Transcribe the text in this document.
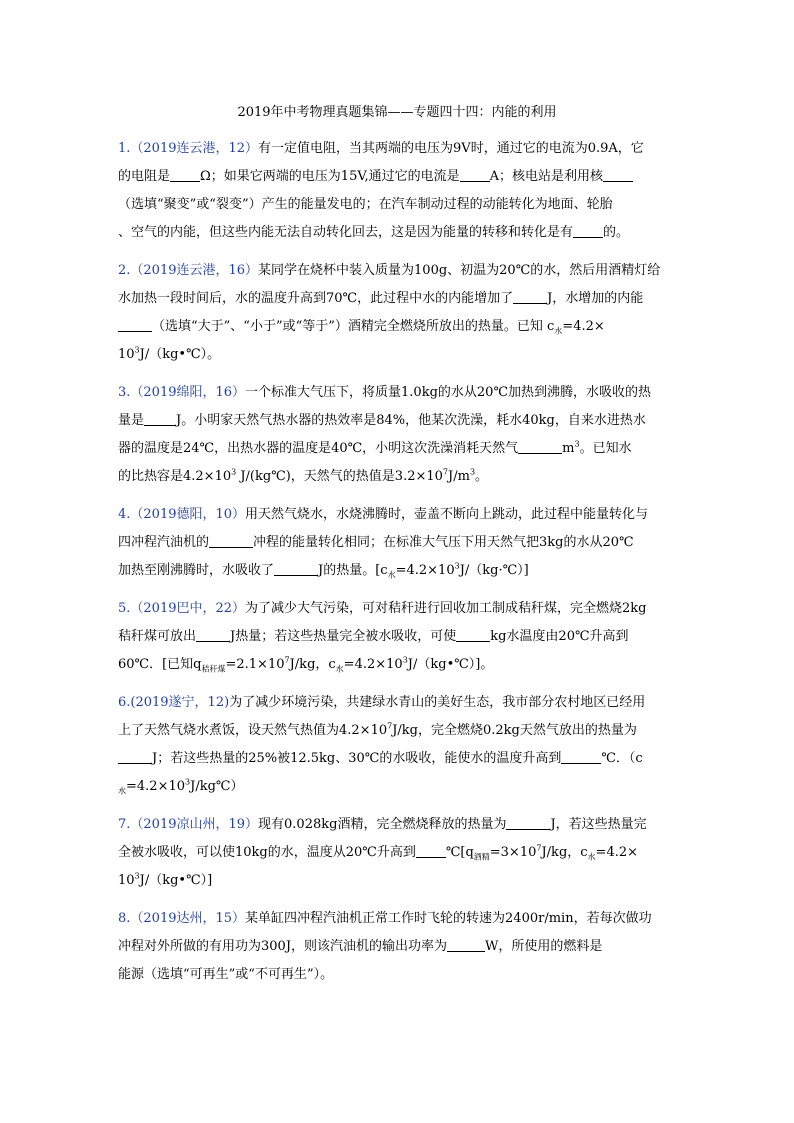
2019年中考物理真题集锦——专题四十四：内能的利用
1.（2019连云港，12）有一定值电阻，当其两端的电压为9V时，通过它的电流为0.9A，它
的电阻是 Ω；如果它两端的电压为15V,通过它的电流是 A；核电站是利用核
（选填“聚变”或“裂变”）产生的能量发电的；在汽车制动过程的动能转化为地面、轮胎
、空气的内能，但这些内能无法自动转化回去，这是因为能量的转移和转化是有 的。
2.（2019连云港，16）某同学在烧杯中装入质量为100g、初温为20℃的水，然后用酒精灯给
水加热一段时间后，水的温度升高到70℃，此过程中水的内能增加了	J，水增加的内能
（选填“大于”、“小于”或“等于”）酒精完全燃烧所放出的热量。已知 $c_水=4.2\times$
$10^3J/(kg•℃)$。
3.（2019绵阳，16）一个标准大气压下，将质量1.0kg的水从20℃加热到沸腾，水吸收的热
量是 J。小明家天然气热水器的热效率是84%，他某次洗澡，耗水40kg，自来水进热水
器的温度是24℃，出热水器的温度是40℃，小明这次洗澡消耗天然气	$m^3$。已知水
的比热容是$4.2\times 10^3$ J/(kg℃)，天然气的热值是$3.2\times 10^7J/m^3$。
4.（2019德阳，10）用天然气烧水，水烧沸腾时，壶盖不断向上跳动，此过程中能量转化与
四冲程汽油机的	冲程的能量转化相同；在标准大气压下用天然气把3kg的水从20℃
加热至刚沸腾时，水吸收了	J的热量。$[c_水=4.2\times 10^3J/(kg\cdot℃)]$
5.（2019巴中，22）为了减少大气污染，可对秸秆进行回收加工制成秸秆煤，完全燃烧2kg
秸秆煤可放出	J热量；若这些热量完全被水吸收，可使	kg水温度由20℃升高到
60℃．[已知$q_{秸秆煤}=2.1\times 10^7J/kg$，$c_水=4.2\times 10^3J/(kg•℃)$]。
6.(2019遂宁，12)为了减少环境污染，共建绿水青山的美好生态，我市部分农村地区已经用
上了天然气烧水煮饭，设天然气热值为$4.2\times 10^7J/kg$，完全燃烧0.2kg天然气放出的热量为
J；若这些热量的25%被12.5kg、30℃的水吸收，能使水的温度升高到	℃．（c
$_水=4.2\times 10^3J/kg℃$）
7.（2019凉山州，19）现有0.028kg酒精，完全燃烧释放的热量为	J，若这些热量完
全被水吸收，可以使10kg的水，温度从20℃升高到 $℃[q_{酒精}=3\times 10^7J/kg$，$c_水=4.2\times$
$10^3J/(kg•℃)$]
8.（2019达州，15）某单缸四冲程汽油机正常工作时飞轮的转速为2400r/min，若每次做功
冲程对外所做的有用功为300J，则该汽油机的输出功率为	W，所使用的燃料是
能源（选填“可再生”或“不可再生”）。
